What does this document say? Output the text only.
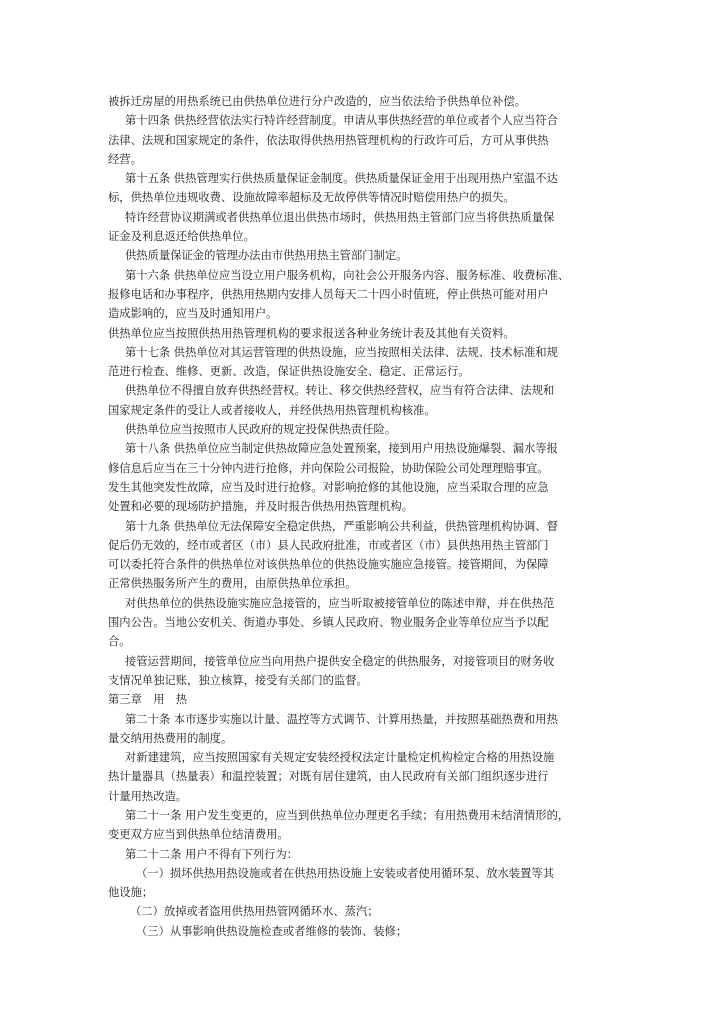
被拆迁房屋的用热系统已由供热单位进行分户改造的，应当依法给予供热单位补偿。
第十四条 供热经营依法实行特许经营制度。申请从事供热经营的单位或者个人应当符合
法律、法规和国家规定的条件，依法取得供热用热管理机构的行政许可后，方可从事供热
经营。
第十五条 供热管理实行供热质量保证金制度。供热质量保证金用于出现用热户室温不达
标，供热单位违规收费、设施故障率超标及无故停供等情况时赔偿用热户的损失。
特许经营协议期满或者供热单位退出供热市场时，供热用热主管部门应当将供热质量保
证金及利息返还给供热单位。
供热质量保证金的管理办法由市供热用热主管部门制定。
第十六条 供热单位应当设立用户服务机构，向社会公开服务内容、服务标准、收费标准、
报修电话和办事程序，供热用热期内安排人员每天二十四小时值班，停止供热可能对用户
造成影响的，应当及时通知用户。
供热单位应当按照供热用热管理机构的要求报送各种业务统计表及其他有关资料。
第十七条 供热单位对其运营管理的供热设施，应当按照相关法律、法规、技术标准和规
范进行检查、维修、更新、改造，保证供热设施安全、稳定、正常运行。
供热单位不得擅自放弃供热经营权。转让、移交供热经营权，应当有符合法律、法规和
国家规定条件的受让人或者接收人，并经供热用热管理机构核准。
供热单位应当按照市人民政府的规定投保供热责任险。
第十八条 供热单位应当制定供热故障应急处置预案，接到用户用热设施爆裂、漏水等报
修信息后应当在三十分钟内进行抢修，并向保险公司报险，协助保险公司处理理赔事宜。
发生其他突发性故障，应当及时进行抢修。对影响抢修的其他设施，应当采取合理的应急
处置和必要的现场防护措施，并及时报告供热用热管理机构。
第十九条 供热单位无法保障安全稳定供热，严重影响公共利益，供热管理机构协调、督
促后仍无效的，经市或者区（市）县人民政府批准，市或者区（市）县供热用热主管部门
可以委托符合条件的供热单位对该供热单位的供热设施实施应急接管。接管期间，为保障
正常供热服务所产生的费用，由原供热单位承担。
对供热单位的供热设施实施应急接管的，应当听取被接管单位的陈述申辩，并在供热范
围内公告。当地公安机关、街道办事处、乡镇人民政府、物业服务企业等单位应当予以配
合。
接管运营期间，接管单位应当向用热户提供安全稳定的供热服务，对接管项目的财务收
支情况单独记账，独立核算，接受有关部门的监督。
第三章　用　热
第二十条 本市逐步实施以计量、温控等方式调节、计算用热量，并按照基础热费和用热
量交纳用热费用的制度。
对新建建筑，应当按照国家有关规定安装经授权法定计量检定机构检定合格的用热设施
热计量器具（热量表）和温控装置；对既有居住建筑，由人民政府有关部门组织逐步进行
计量用热改造。
第二十一条 用户发生变更的，应当到供热单位办理更名手续；有用热费用未结清情形的，
变更双方应当到供热单位结清费用。
第二十二条 用户不得有下列行为：
（一）损坏供热用热设施或者在供热用热设施上安装或者使用循环泵、放水装置等其
他设施；
（二）放掉或者盗用供热用热管网循环水、蒸汽；
（三）从事影响供热设施检查或者维修的装饰、装修；
